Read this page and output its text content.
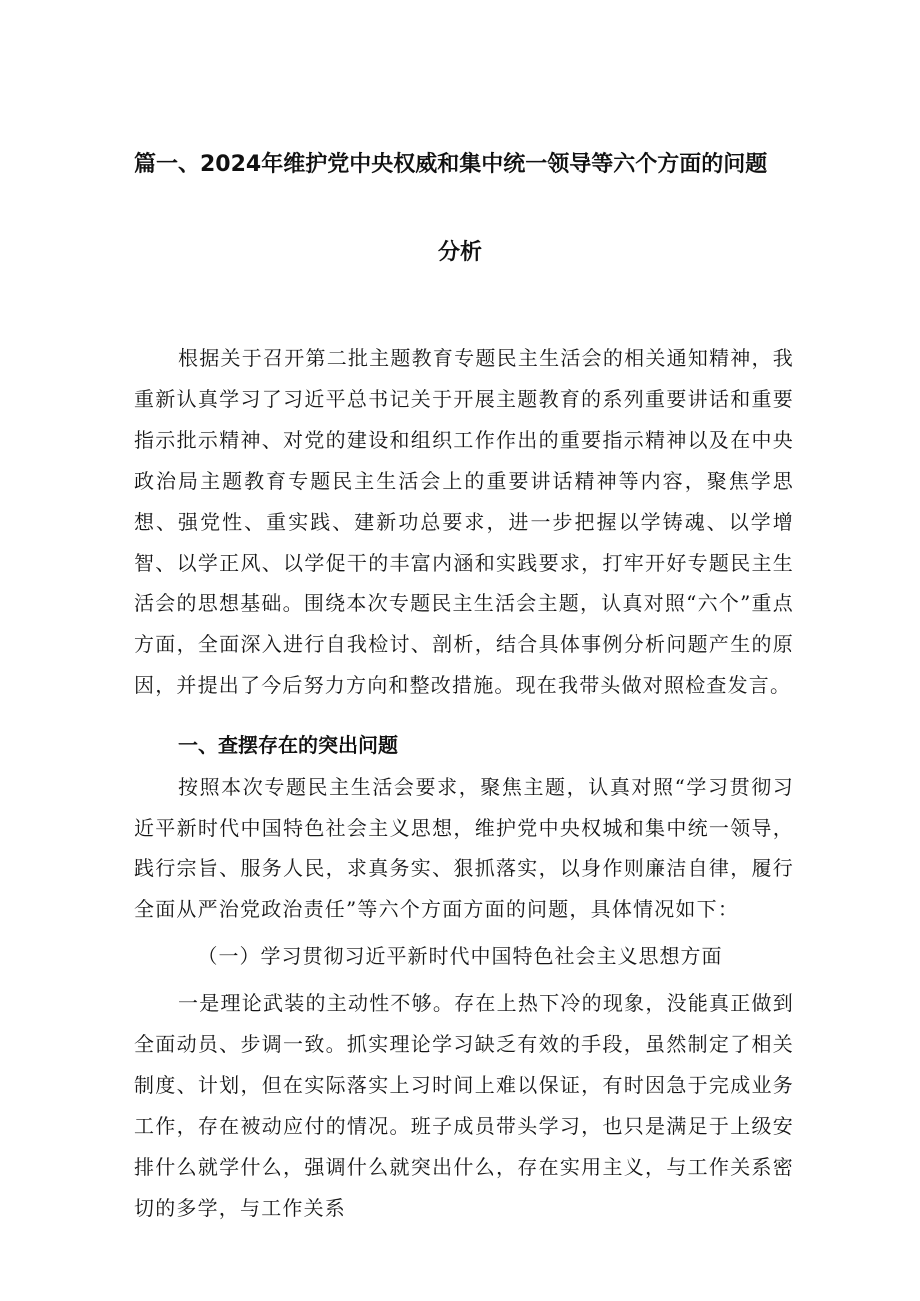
篇一、2024年维护党中央权威和集中统一领导等六个方面的问题
分析
根据关于召开第二批主题教育专题民主生活会的相关通知精神，我重新认真学习了习近平总书记关于开展主题教育的系列重要讲话和重要指示批示精神、对党的建设和组织工作作出的重要指示精神以及在中央政治局主题教育专题民主生活会上的重要讲话精神等内容，聚焦学思想、强党性、重实践、建新功总要求，进一步把握以学铸魂、以学增智、以学正风、以学促干的丰富内涵和实践要求，打牢开好专题民主生活会的思想基础。围绕本次专题民主生活会主题，认真对照“六个”重点方面，全面深入进行自我检讨、剖析，结合具体事例分析问题产生的原因，并提出了今后努力方向和整改措施。现在我带头做对照检查发言。
一、查摆存在的突出问题
按照本次专题民主生活会要求，聚焦主题，认真对照“学习贯彻习近平新时代中国特色社会主义思想，维护党中央权城和集中统一领导，践行宗旨、服务人民，求真务实、狠抓落实，以身作则廉洁自律，履行全面从严治党政治责任”等六个方面方面的问题，具体情况如下：
（一）学习贯彻习近平新时代中国特色社会主义思想方面
一是理论武装的主动性不够。存在上热下冷的现象，没能真正做到全面动员、步调一致。抓实理论学习缺乏有效的手段，虽然制定了相关制度、计划，但在实际落实上习时间上难以保证，有时因急于完成业务工作，存在被动应付的情况。班子成员带头学习，也只是满足于上级安排什么就学什么，强调什么就突出什么，存在实用主义，与工作关系密切的多学，与工作关系
